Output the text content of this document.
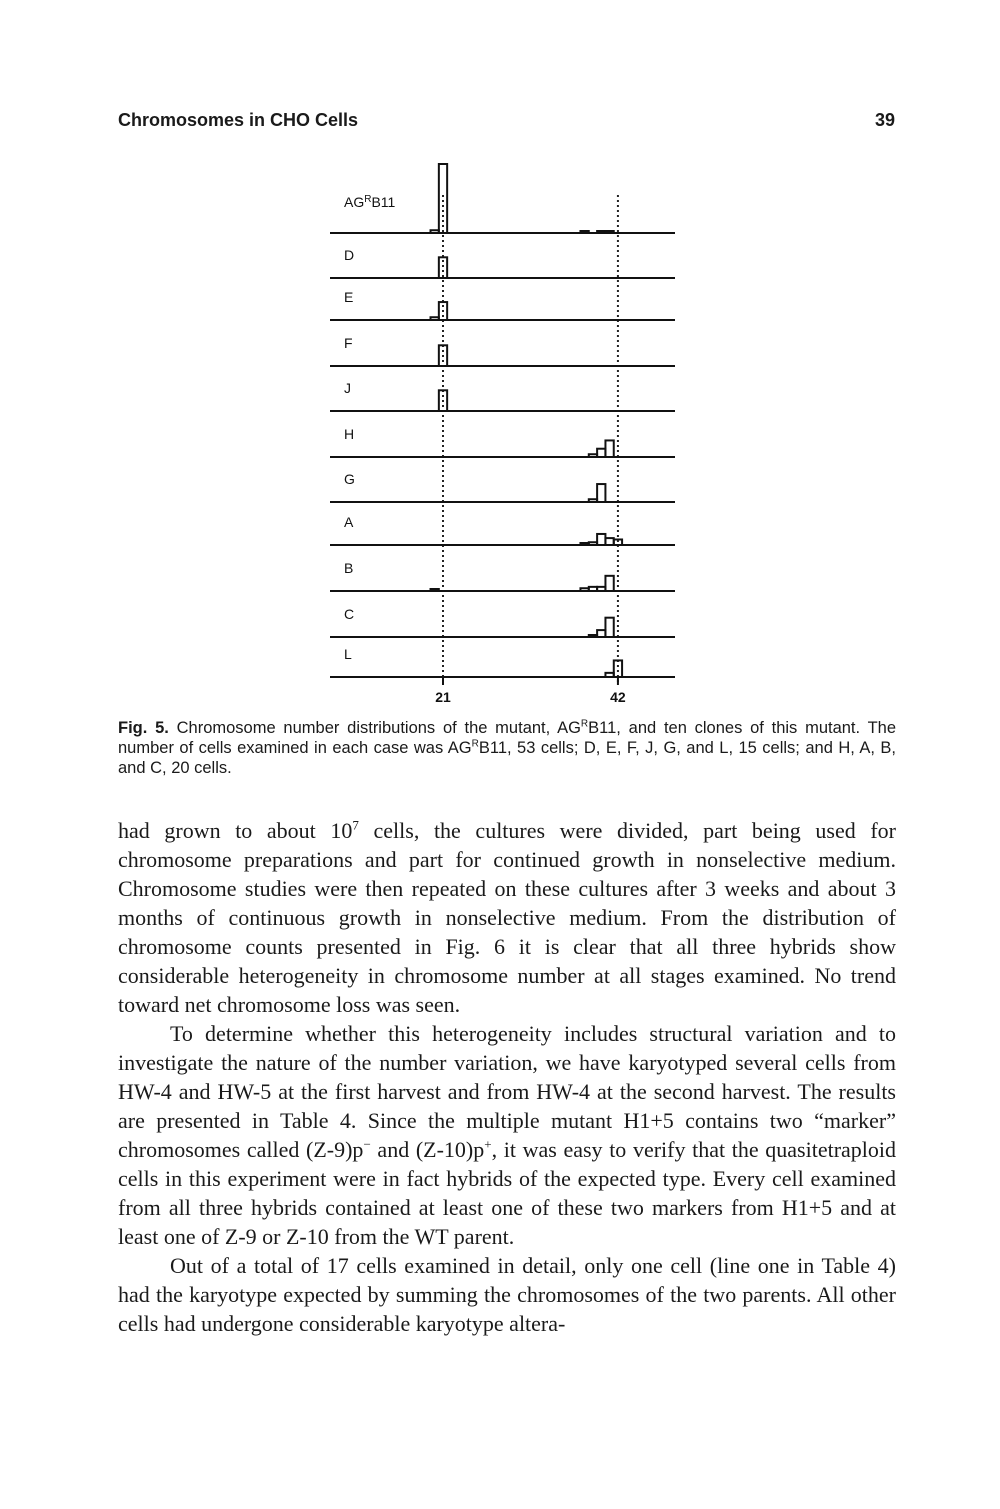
Chromosomes in CHO Cells	39
$AG^RB11$
D
E
F
J
H
G
A
B
C
L
21	42
Fig. 5. Chromosome number distributions of the mutant, $AG^RB11$, and ten clones of this mutant. The number of cells examined in each case was $AG^RB11$, 53 cells; D, E, F, J, G, and L, 15 cells; and H, A, B, and C, 20 cells.

had grown to about $10^7$ cells, the cultures were divided, part being used for chromosome preparations and part for continued growth in nonselective medium. Chromosome studies were then repeated on these cultures after 3 weeks and about 3 months of continuous growth in nonselective medium. From the distribution of chromosome counts presented in Fig. 6 it is clear that all three hybrids show considerable heterogeneity in chromosome number at all stages examined. No trend toward net chromosome loss was seen.

To determine whether this heterogeneity includes structural variation and to investigate the nature of the number variation, we have karyotyped several cells from HW-4 and HW-5 at the first harvest and from HW-4 at the second harvest. The results are presented in Table 4. Since the multiple mutant H1+5 contains two “marker” chromosomes called (Z-9)p− and (Z-10)p+, it was easy to verify that the quasitetraploid cells in this experiment were in fact hybrids of the expected type. Every cell examined from all three hybrids contained at least one of these two markers from H1+5 and at least one of Z-9 or Z-10 from the WT parent.

Out of a total of 17 cells examined in detail, only one cell (line one in Table 4) had the karyotype expected by summing the chromosomes of the two parents. All other cells had undergone considerable karyotype altera-
